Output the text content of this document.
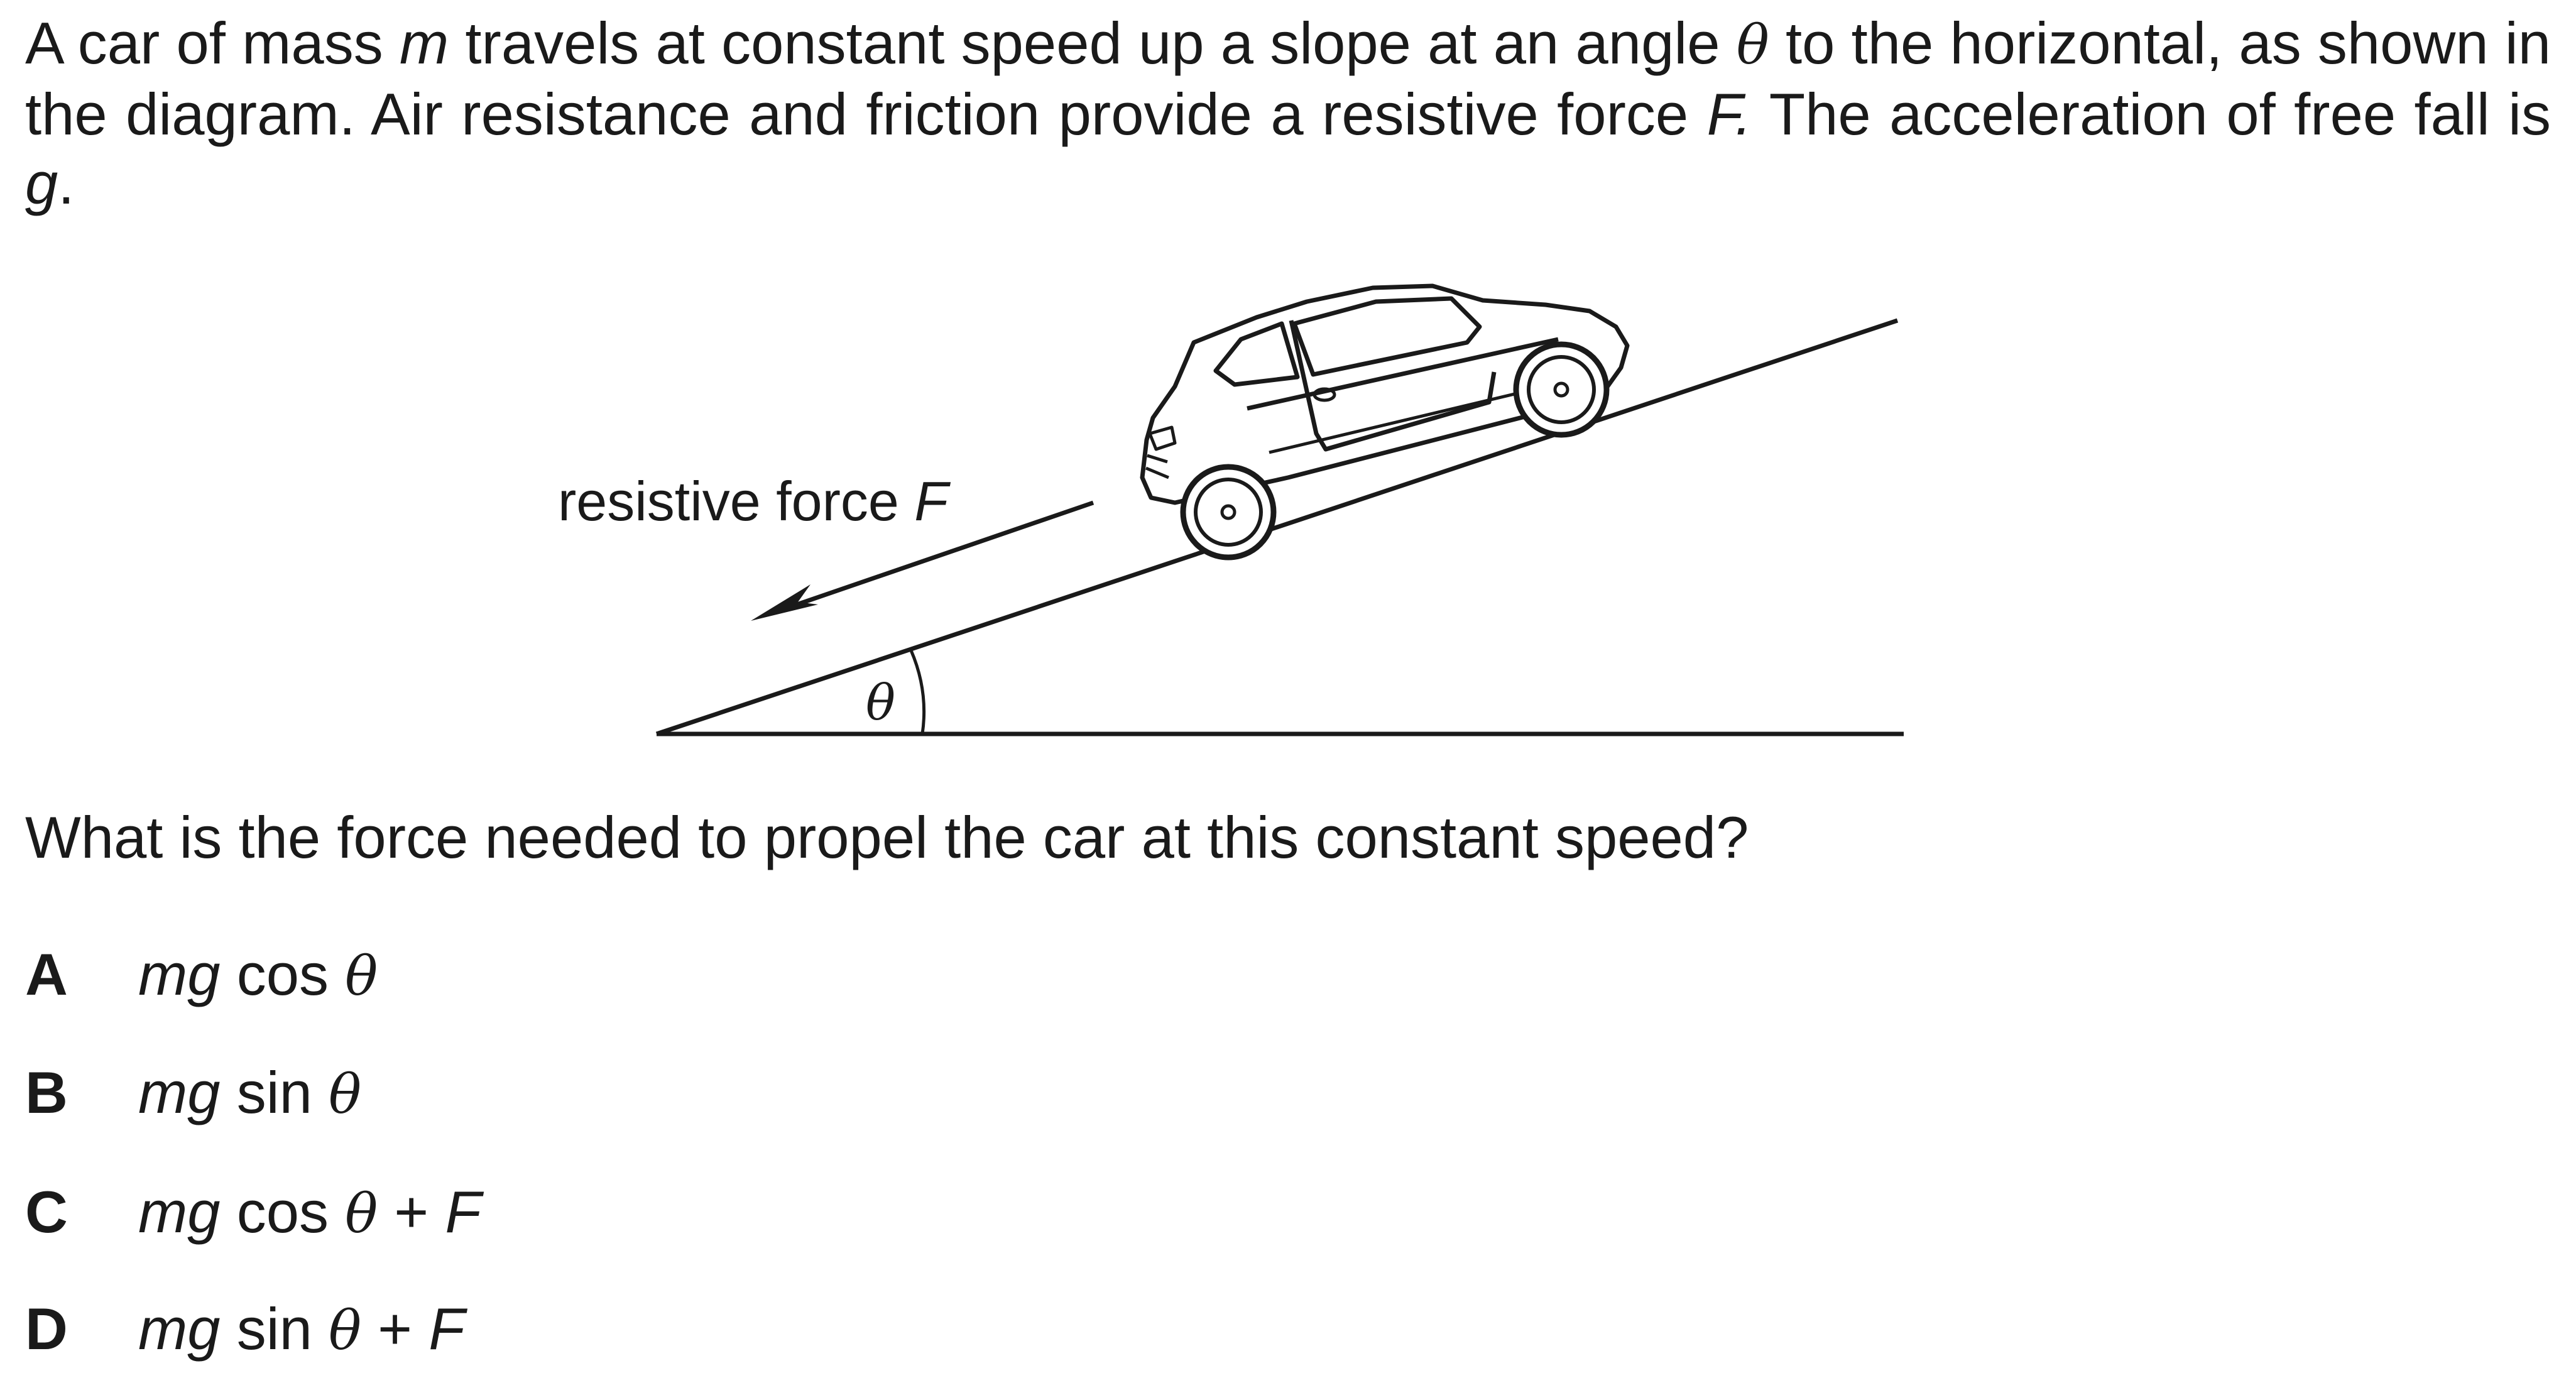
A car of mass m travels at constant speed up a slope at an angle θ to the horizontal, as shown in the diagram. Air resistance and friction provide a resistive force F. The acceleration of free fall is g.
θ
resistive force F
What is the force needed to propel the car at this constant speed?
A mg cos θ
B mg sin θ
C mg cos θ + F
D mg sin θ + F
